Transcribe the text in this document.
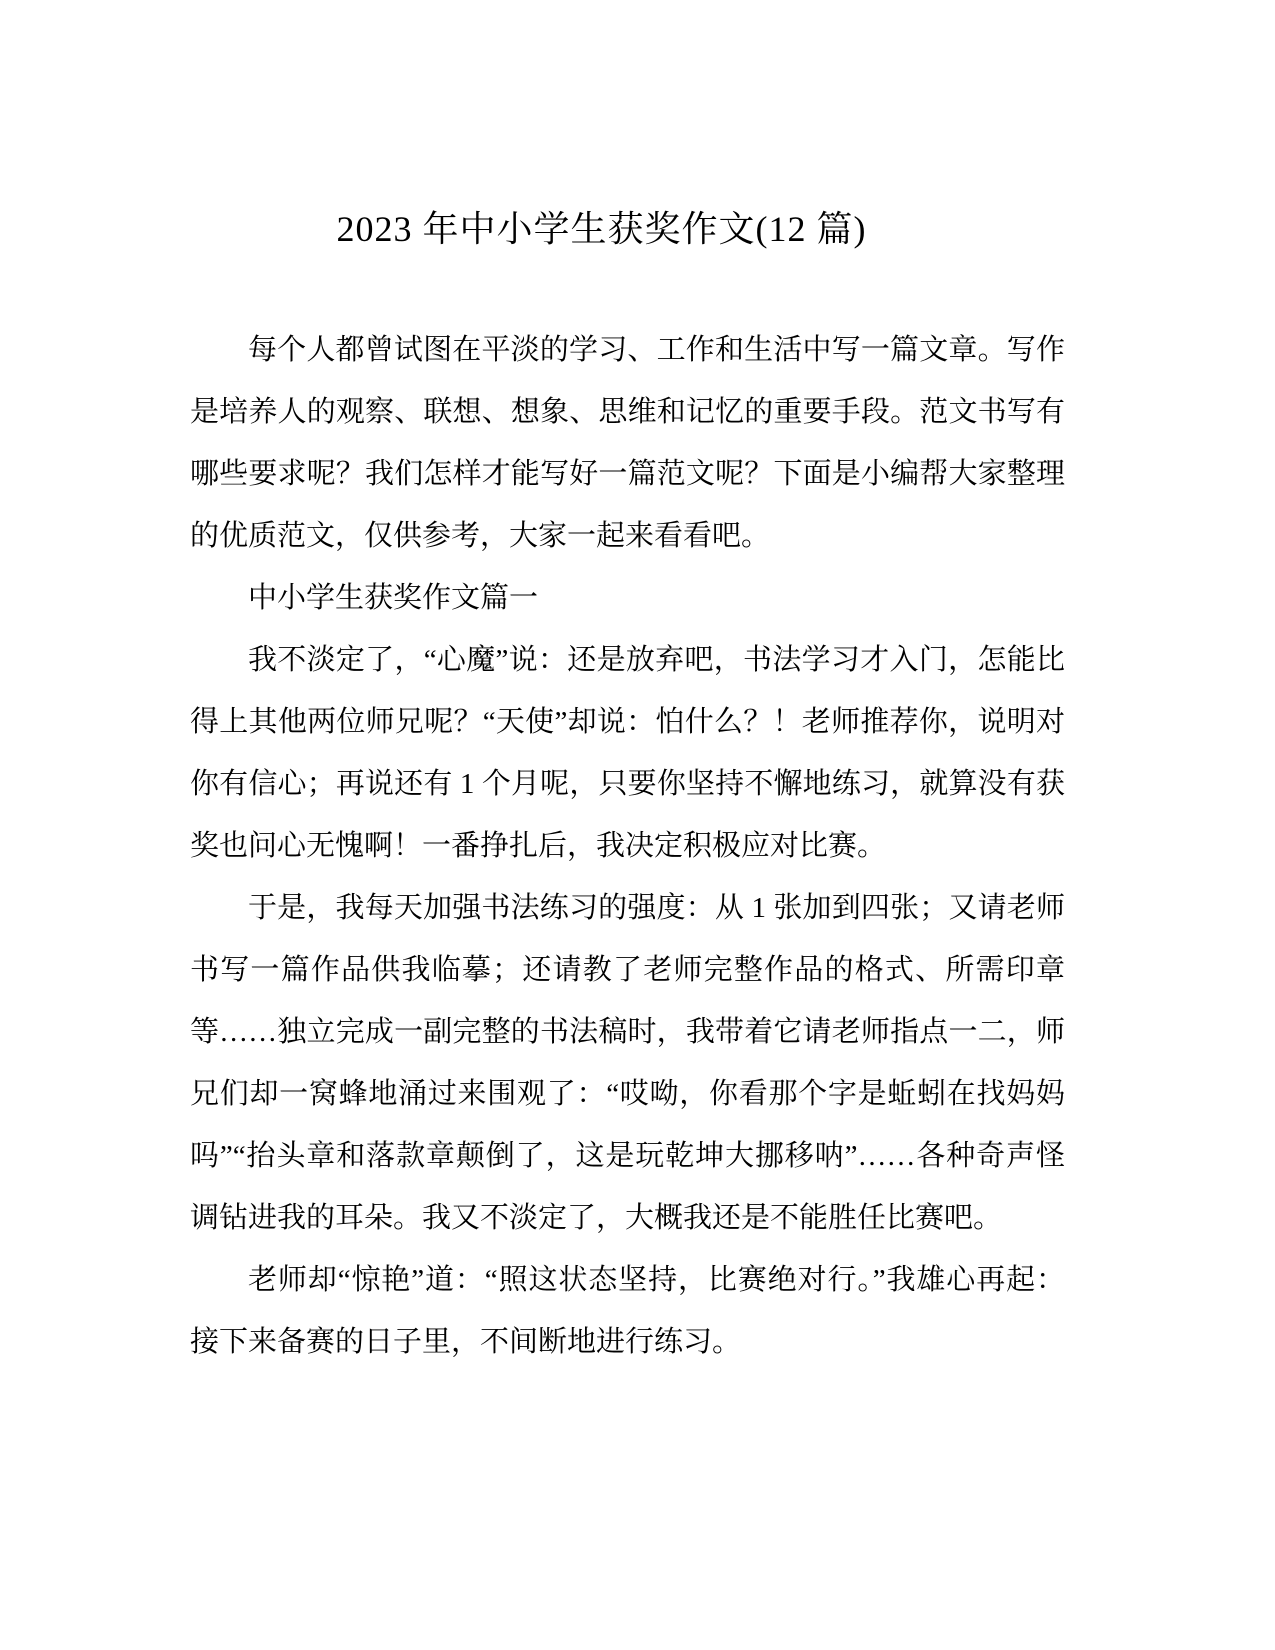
2023 年中小学生获奖作文(12 篇)

每个人都曾试图在平淡的学习、工作和生活中写一篇文章。写作是培养人的观察、联想、想象、思维和记忆的重要手段。范文书写有哪些要求呢？我们怎样才能写好一篇范文呢？下面是小编帮大家整理的优质范文，仅供参考，大家一起来看看吧。

中小学生获奖作文篇一

我不淡定了，“心魔”说：还是放弃吧，书法学习才入门，怎能比得上其他两位师兄呢？“天使”却说：怕什么？！老师推荐你，说明对你有信心；再说还有 1 个月呢，只要你坚持不懈地练习，就算没有获奖也问心无愧啊！一番挣扎后，我决定积极应对比赛。

于是，我每天加强书法练习的强度：从 1 张加到四张；又请老师书写一篇作品供我临摹；还请教了老师完整作品的格式、所需印章等……独立完成一副完整的书法稿时，我带着它请老师指点一二，师兄们却一窝蜂地涌过来围观了：“哎呦，你看那个字是蚯蚓在找妈妈吗”“抬头章和落款章颠倒了，这是玩乾坤大挪移呐”……各种奇声怪调钻进我的耳朵。我又不淡定了，大概我还是不能胜任比赛吧。

老师却“惊艳”道：“照这状态坚持，比赛绝对行。”我雄心再起：接下来备赛的日子里，不间断地进行练习。
